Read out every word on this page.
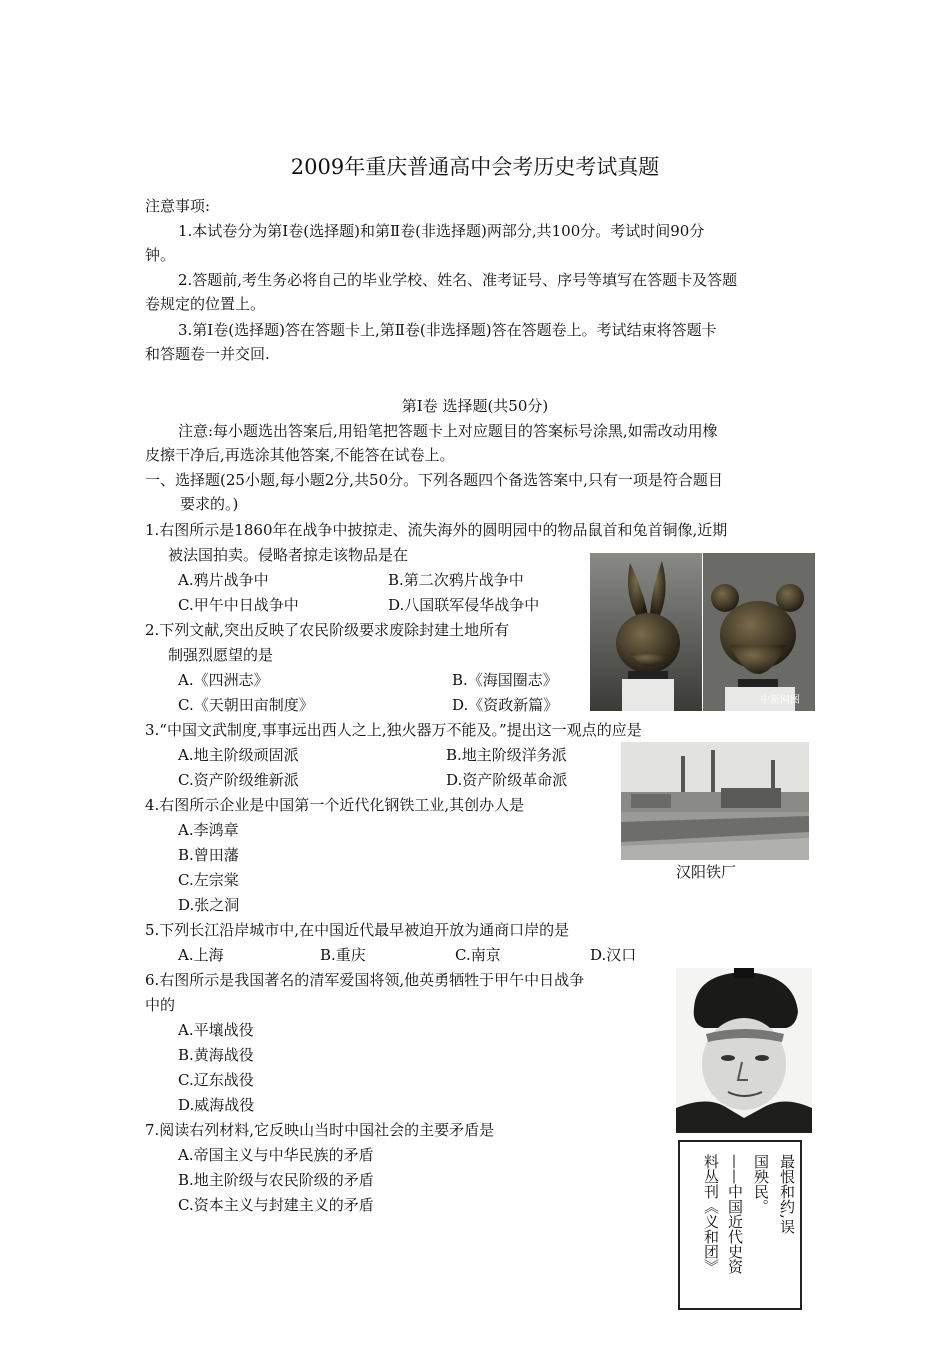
2009年重庆普通高中会考历史考试真题
注意事项:
1.本试卷分为第Ⅰ卷(选择题)和第Ⅱ卷(非选择题)两部分,共100分。考试时间90分
钟。
2.答题前,考生务必将自己的毕业学校、姓名、准考证号、序号等填写在答题卡及答题
卷规定的位置上。
3.第Ⅰ卷(选择题)答在答题卡上,第Ⅱ卷(非选择题)答在答题卷上。考试结束将答题卡
和答题卷一并交回.
第Ⅰ卷 选择题(共50分)
注意:每小题选出答案后,用铅笔把答题卡上对应题目的答案标号涂黑,如需改动用橡
皮擦干净后,再选涂其他答案,不能答在试卷上。
一、选择题(25小题,每小题2分,共50分。下列各题四个备选答案中,只有一项是符合题目
要求的。)
1.右图所示是1860年在战争中披掠走、流失海外的圆明园中的物品鼠首和兔首铜像,近期
被法国拍卖。侵略者掠走该物品是在
A.鸦片战争中	B.第二次鸦片战争中
C.甲午中日战争中	D.八国联军侵华战争中
中新网图
2.下列文献,突出反映了农民阶级要求废除封建土地所有
制强烈愿望的是
A.《四洲志》	B.《海国圈志》
C.《天朝田亩制度》	D.《资政新篇》
3.“中国文武制度,事事远出西人之上,独火器万不能及。”提出这一观点的应是
A.地主阶级顽固派	B.地主阶级洋务派
C.资产阶级维新派	D.资产阶级革命派
汉阳铁厂
4.右图所示企业是中国第一个近代化钢铁工业,其创办人是
A.李鸿章
B.曾田藩
C.左宗棠
D.张之洞
5.下列长江沿岸城市中,在中国近代最早被迫开放为通商口岸的是
A.上海	B.重庆	C.南京	D.汉口
6.右图所示是我国著名的清军爱国将领,他英勇牺牲于甲午中日战争
中的
A.平壤战役
B.黄海战役
C.辽东战役
D.威海战役
7.阅读右列材料,它反映山当时中国社会的主要矛盾是
A.帝国主义与中华民族的矛盾
B.地主阶级与农民阶级的矛盾
C.资本主义与封建主义的矛盾	最恨和约,误
国殃民。
——中国近代史资
料丛刊《义和团》
